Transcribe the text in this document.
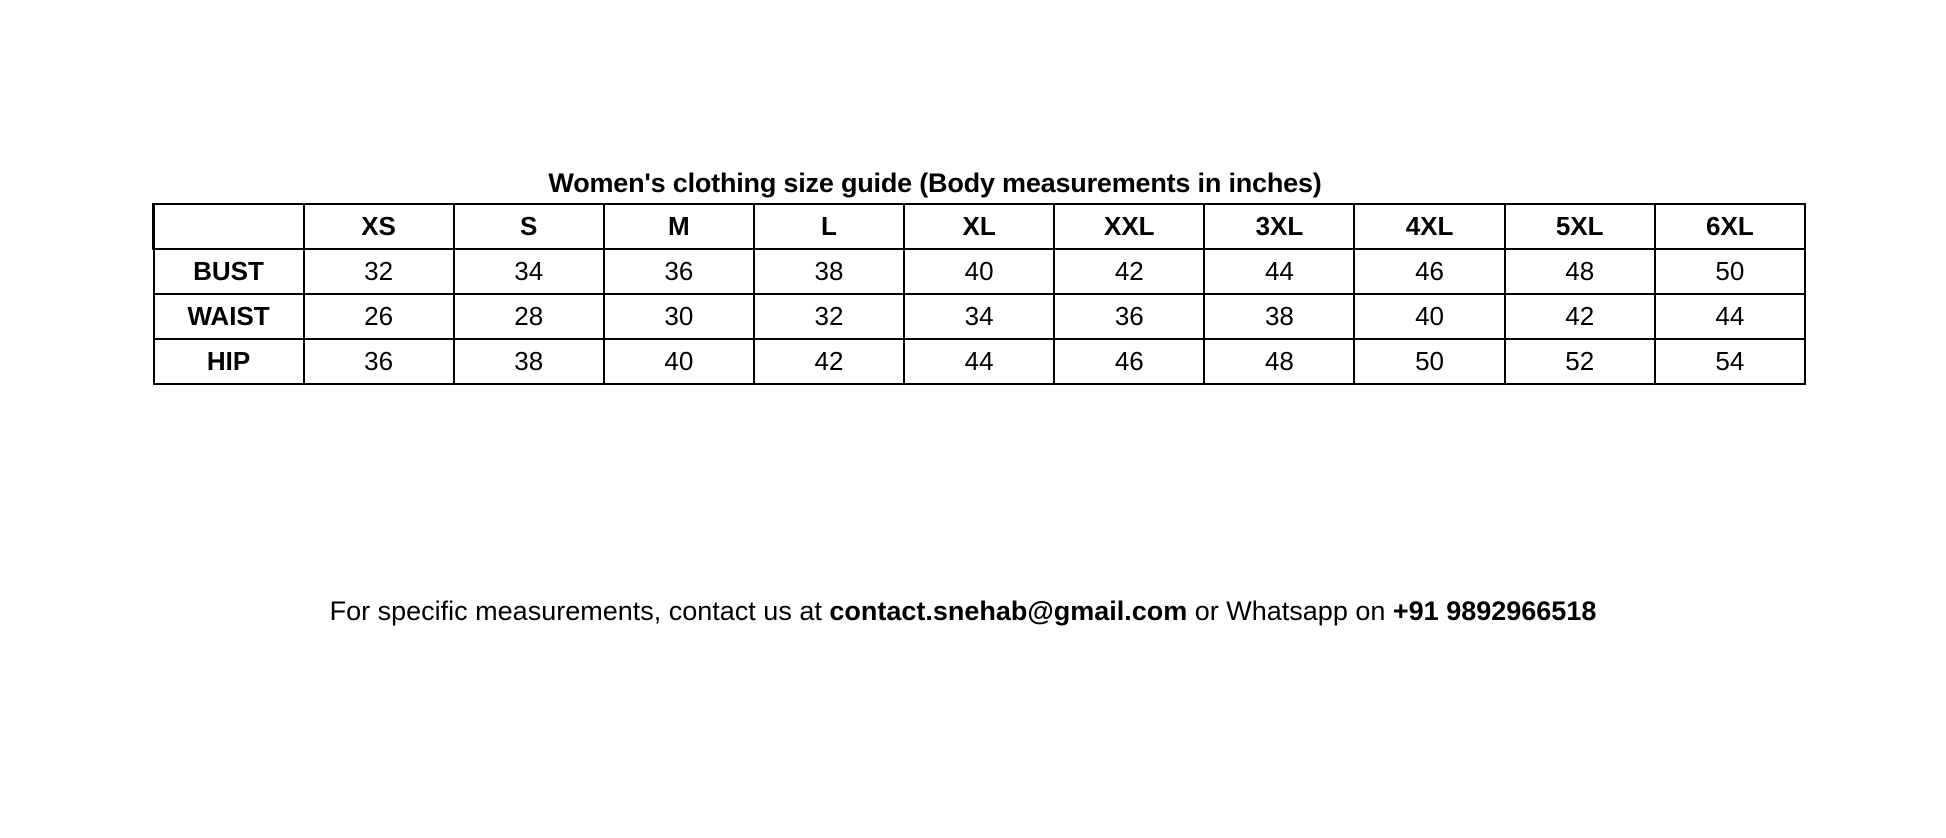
Women's clothing size guide (Body measurements in inches)
	XS	S	M	L	XL	XXL	3XL	4XL	5XL	6XL
BUST	32	34	36	38	40	42	44	46	48	50
WAIST	26	28	30	32	34	36	38	40	42	44
HIP	36	38	40	42	44	46	48	50	52	54
For specific measurements, contact us at contact.snehab@gmail.com or Whatsapp on +91 9892966518
